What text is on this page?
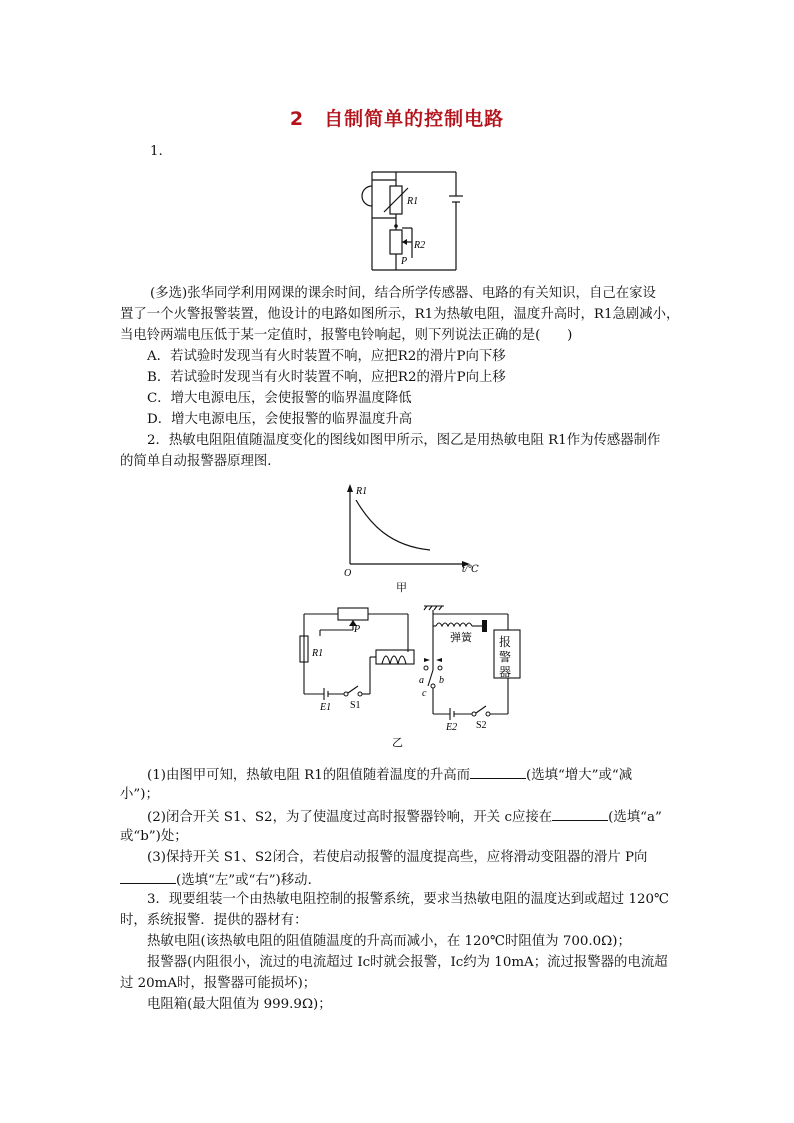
2　自制简单的控制电路
1.
R1
R2
P
(多选)张华同学利用网课的课余时间，结合所学传感器、电路的有关知识，自己在家设
置了一个火警报警装置，他设计的电路如图所示，R1为热敏电阻，温度升高时，R1急剧减小，
当电铃两端电压低于某一定值时，报警电铃响起，则下列说法正确的是(　　)
A．若试验时发现当有火时装置不响，应把R2的滑片P向下移
B．若试验时发现当有火时装置不响，应把R2的滑片P向上移
C．增大电源电压，会使报警的临界温度降低
D．增大电源电压，会使报警的临界温度升高
2．热敏电阻阻值随温度变化的图线如图甲所示，图乙是用热敏电阻 R1作为传感器制作
的简单自动报警器原理图．
R1
t/℃
O
甲
P
R1
E1 S1
弹簧
a b
c
E2 S2
报
警
器
乙
(1)由图甲可知，热敏电阻 R1的阻值随着温度的升高而	(选填“增大”或“减
小”)；
(2)闭合开关 S1、S2，为了使温度过高时报警器铃响，开关 c应接在	(选填“a”
或“b”)处；
(3)保持开关 S1、S2闭合，若使启动报警的温度提高些，应将滑动变阻器的滑片 P向
(选填“左”或“右”)移动．
3．现要组装一个由热敏电阻控制的报警系统，要求当热敏电阻的温度达到或超过 120℃
时，系统报警．提供的器材有：
热敏电阻(该热敏电阻的阻值随温度的升高而减小，在 120℃时阻值为 700.0Ω)；
报警器(内阻很小，流过的电流超过 Ic时就会报警，Ic约为 10mA；流过报警器的电流超
过 20mA时，报警器可能损坏)；
电阻箱(最大阻值为 999.9Ω)；
